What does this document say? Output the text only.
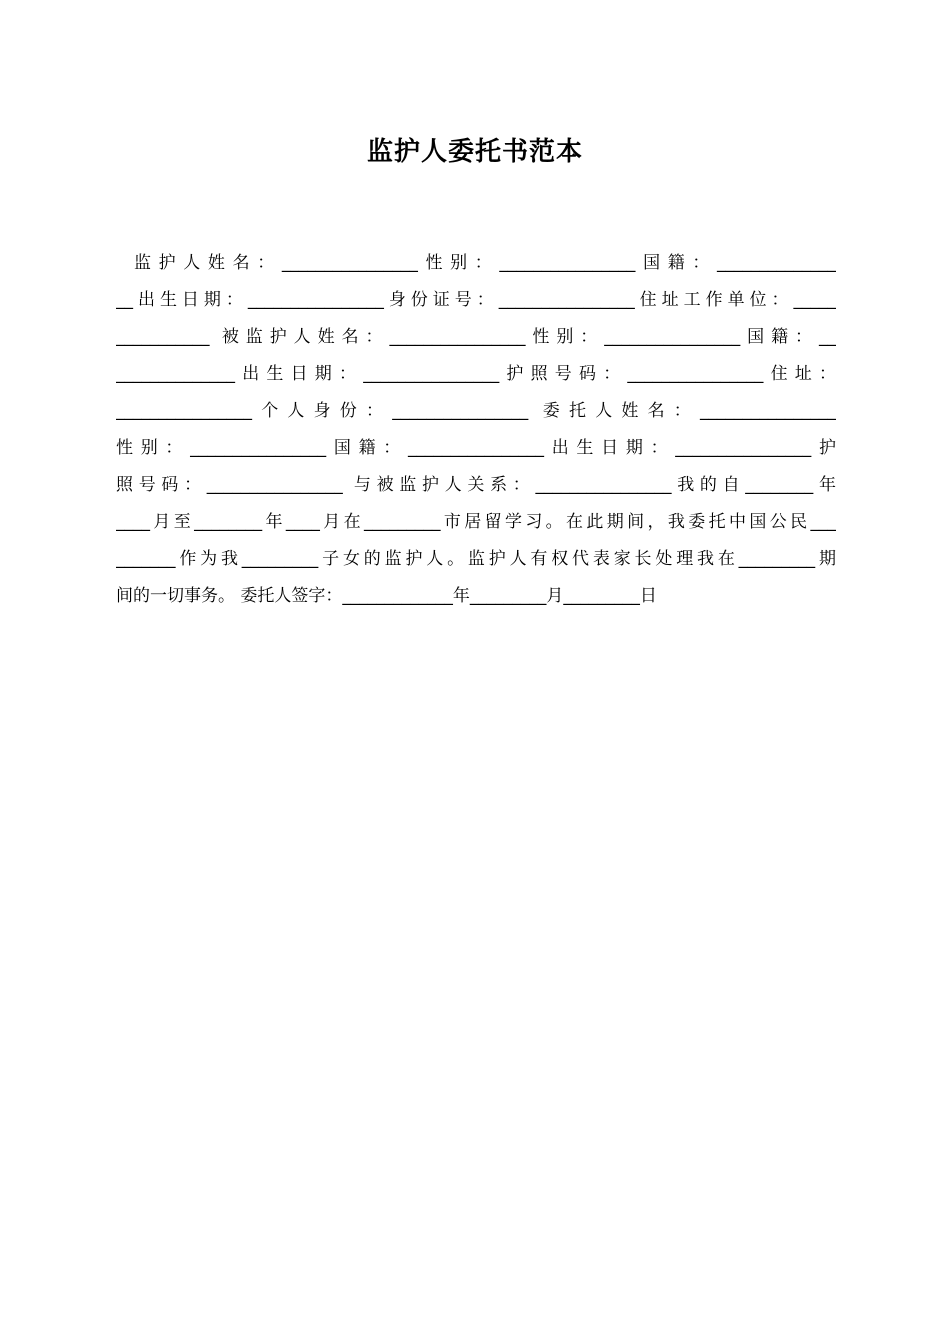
监护人委托书范本
监护人姓名：________________性别：________________国籍：______________
__出生日期：________________身份证号：________________住址工作单位：_____
___________ 被监护人姓名：________________性别：________________国籍：__
______________出生日期：________________护照号码：________________住址：
________________个人身份：________________ 委托人姓名：________________
性别：________________国籍：________________出生日期：________________护
照号码：________________ 与被监护人关系：________________我的自________年
____月至________年____月在_________市居留学习。在此期间，我委托中国公民___
_______作为我_________子女的监护人。监护人有权代表家长处理我在_________期
间的一切事务。 委托人签字：_____________年_________月_________日
